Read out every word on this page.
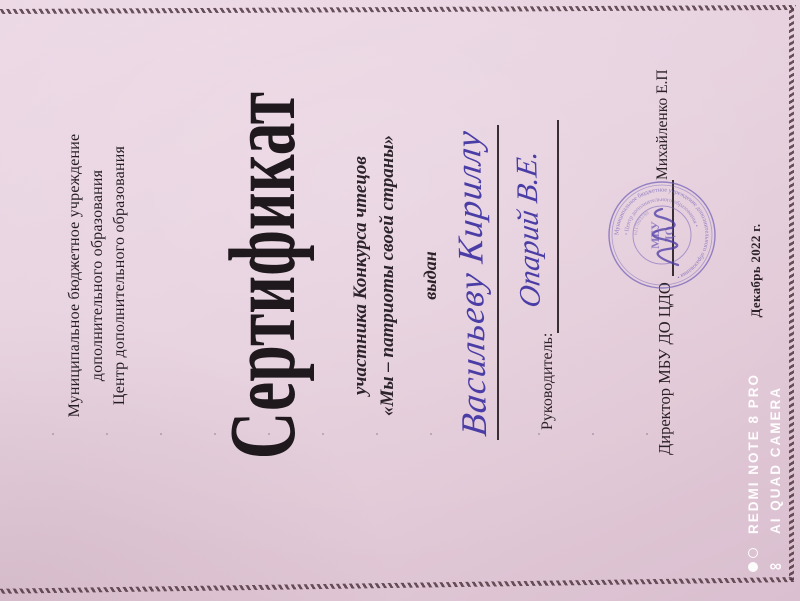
Муниципальное бюджетное учреждение дополнительного образования Центр дополнительного образования Сертификат участника Конкурса чтецов «Мы – патриоты своей страны» выдан Васильеву Кириллу	Руководитель:
Опарий В.Е.
Директор МБУ ДО ЦДО
Михайленко Е.П
Муниципальное бюджетное учреждение дополнительного образования •
• Центр дополнительного образования •
6117003189
МБУ ДО	Декабрь 2022 г.
REDMI NOTE 8 PRO
∞
AI QUAD CAMERA
